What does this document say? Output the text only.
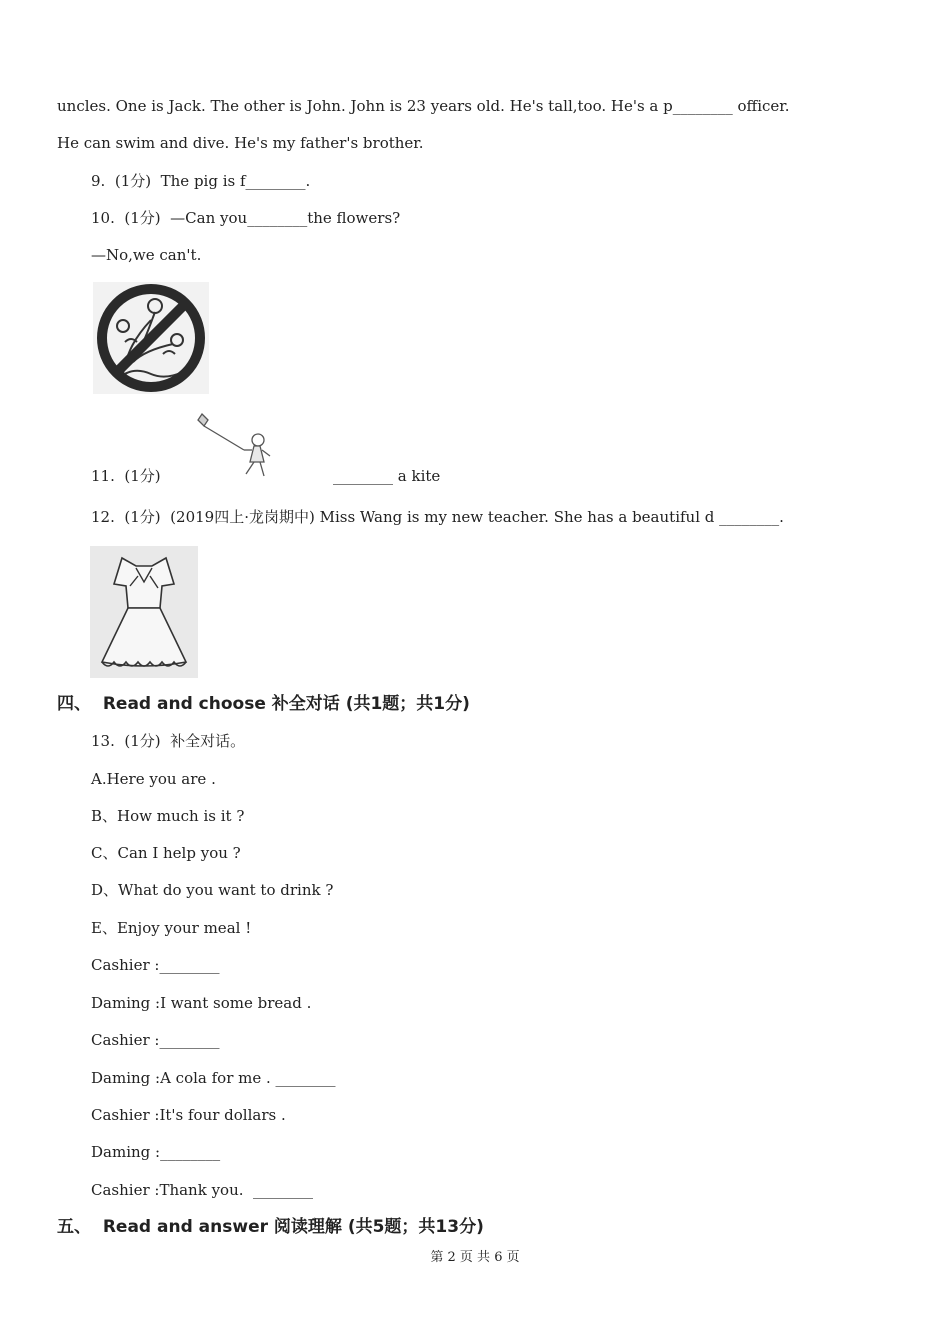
uncles. One is Jack. The other is John. John is 23 years old. He's tall,too. He's a p________ officer.
He can swim and dive. He's my father's brother.
9.  (1分)  The pig is f________.
10.  (1分)  —Can you________the flowers?
—No,we can't.
11.  (1分)	________ a kite
12.  (1分)  (2019四上·龙岗期中) Miss Wang is my new teacher. She has a beautiful d ________.
四、  Read and choose 补全对话 (共1题；共1分)
13.  (1分)  补全对话。
A.Here you are .
B、How much is it ?
C、Can I help you ?
D、What do you want to drink ?
E、Enjoy your meal !
Cashier :________
Daming :I want some bread .
Cashier :________
Daming :A cola for me . ________
Cashier :It's four dollars .
Daming :________
Cashier :Thank you.  ________
五、  Read and answer 阅读理解 (共5题；共13分)
第 2 页 共 6 页
